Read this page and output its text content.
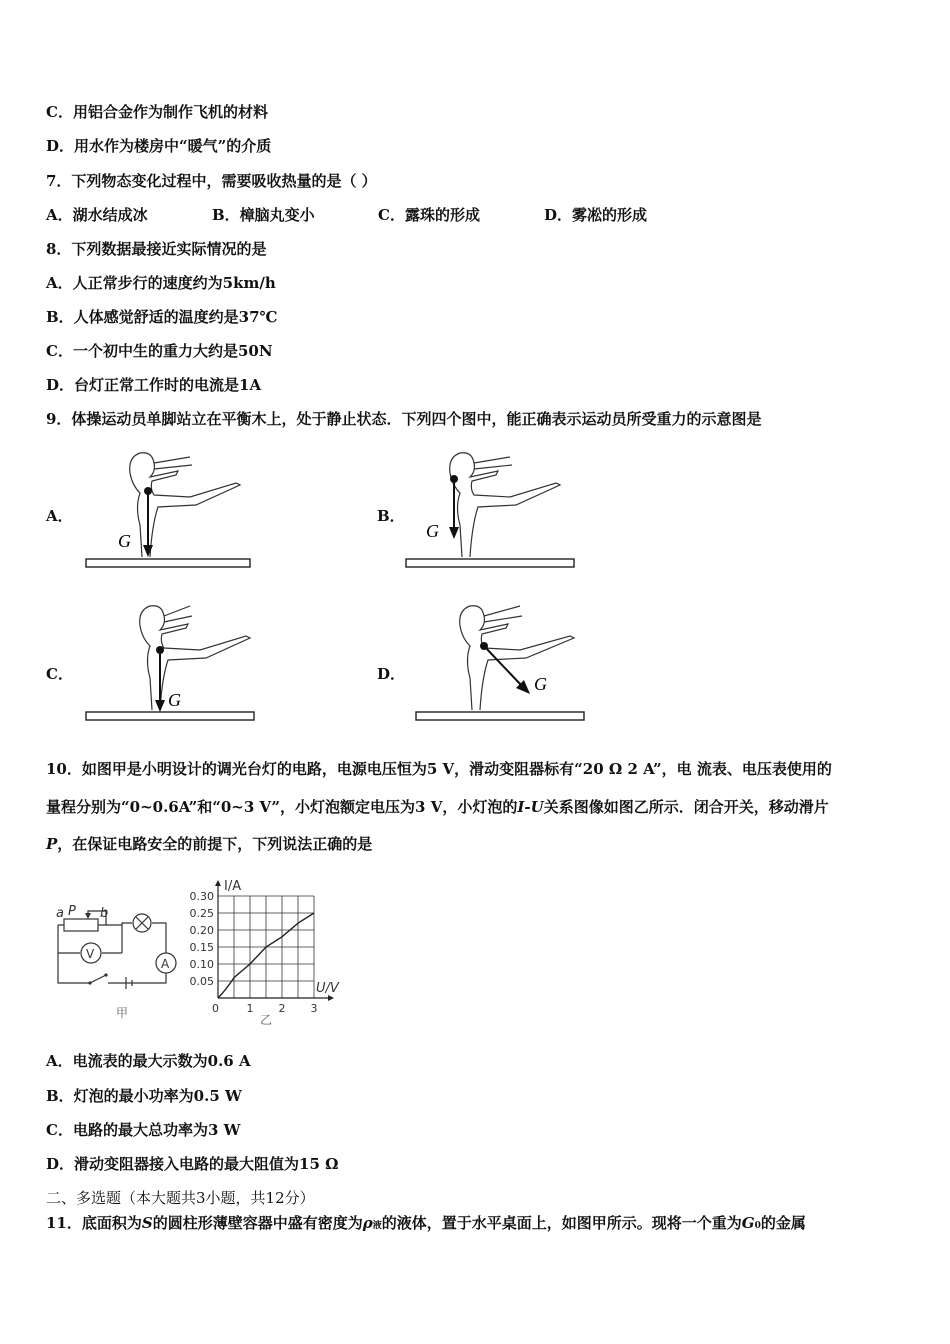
C．用铝合金作为制作飞机的材料
D．用水作为楼房中“暖气”的介质
7．下列物态变化过程中，需要吸收热量的是（ ）
A．湖水结成冰	B．樟脑丸变小	C．露珠的形成	D．雾凇的形成
8．下列数据最接近实际情况的是
A．人正常步行的速度约为5km/h
B．人体感觉舒适的温度约是37℃
C．一个初中生的重力大约是50N
D．台灯正常工作时的电流是1A
9．体操运动员单脚站立在平衡木上，处于静止状态．下列四个图中，能正确表示运动员所受重力的示意图是
A．
G
B．
G
C．
G
D．	G
10．如图甲是小明设计的调光台灯的电路，电源电压恒为5 V，滑动变阻器标有“20 Ω 2 A”，电 流表、电压表使用的
量程分别为“0~0.6A”和“0~3 V”，小灯泡额定电压为3 V，小灯泡的I-U关系图像如图乙所示．闭合开关，移动滑片
P，在保证电路安全的前提下，下列说法正确的是
a P b
V
A
甲
0.05
0.10
0.15
0.20
0.25
0.30
1 2 3
I/A
U/V
0
乙
A．电流表的最大示数为0.6 A
B．灯泡的最小功率为0.5 W
C．电路的最大总功率为3 W
D．滑动变阻器接入电路的最大阻值为15 Ω
二、多选题（本大题共3小题，共12分）
11．底面积为S的圆柱形薄壁容器中盛有密度为ρ液的液体，置于水平桌面上，如图甲所示。现将一个重为G0的金属
